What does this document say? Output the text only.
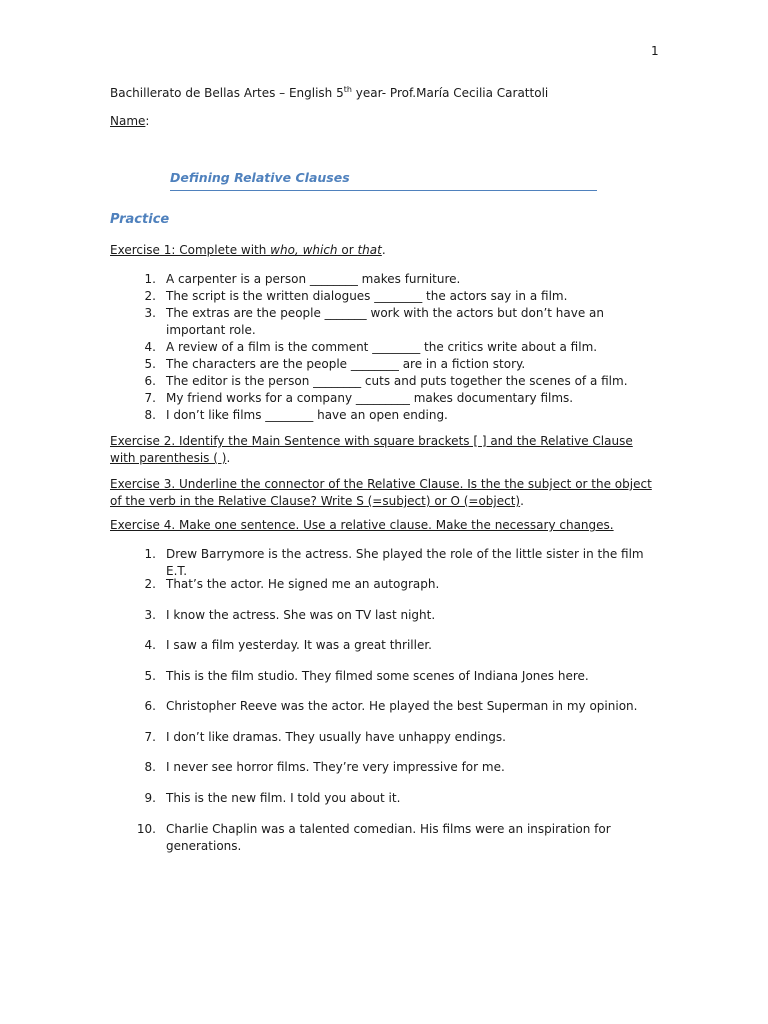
1
Bachillerato de Bellas Artes – English 5th year- Prof.María Cecilia Carattoli
Name:
Defining Relative Clauses
Practice
Exercise 1: Complete with who, which or that.
1. A carpenter is a person ________ makes furniture.
2. The script is the written dialogues ________ the actors say in a film.
3. The extras are the people _______ work with the actors but don’t have an important role.
4. A review of a film is the comment ________ the critics write about a film.
5. The characters are the people ________ are in a fiction story.
6. The editor is the person ________ cuts and puts together the scenes of a film.
7. My friend works for a company _________ makes documentary films.
8. I don’t like films ________ have an open ending.
Exercise 2. Identify the Main Sentence with square brackets [ ] and the Relative Clause with parenthesis ( ).
Exercise 3. Underline the connector of the Relative Clause. Is the the subject or the object of the verb in the Relative Clause? Write S (=subject) or O (=object).
Exercise 4. Make one sentence. Use a relative clause. Make the necessary changes.
1. Drew Barrymore is the actress. She played the role of the little sister in the film E.T.
2. That’s the actor. He signed me an autograph.
3. I know the actress. She was on TV last night.
4. I saw a film yesterday. It was a great thriller.
5. This is the film studio. They filmed some scenes of Indiana Jones here.
6. Christopher Reeve was the actor. He played the best Superman in my opinion.
7. I don’t like dramas. They usually have unhappy endings.
8. I never see horror films. They’re very impressive for me.
9. This is the new film. I told you about it.
10. Charlie Chaplin was a talented comedian. His films were an inspiration for generations.
